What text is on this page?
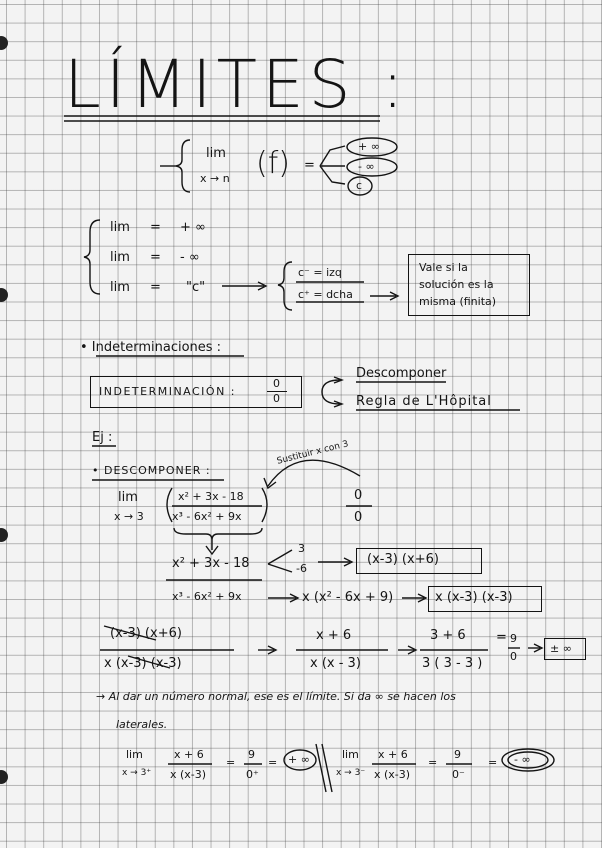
LÍMITES :
lim
x → n (f) =
+ ∞
- ∞
c
lim = + ∞
lim = - ∞
lim = "c"
c⁻ = izq
c⁺ = dcha
Vale si la
solución es la
misma (finita)
• Indeterminaciones :
INDETERMINACIÓN :
0
0
Descomponer
Regla de L'Hôpital
Ej :
• DESCOMPONER :
Sustituir x con 3
lim
x → 3
x² + 3x - 18
x³ - 6x² + 9x
0
0
x² + 3x - 18
3
-6
(x-3) (x+6)
x³ - 6x² + 9x	x (x² - 6x + 9)	x (x-3) (x-3)
(x-3) (x+6)
x (x-3) (x-3)
x + 6
x (x - 3)
3 + 6
3 ( 3 - 3 )
= 9
0
± ∞
→ Al dar un número normal, ese es el límite. Si da ∞ se hacen los
laterales.
lim
x → 3⁺
x + 6
x (x-3)
=
9
0⁺
= + ∞	lim
x → 3⁻
x + 6
x (x-3)
=
9
0⁻
= - ∞
